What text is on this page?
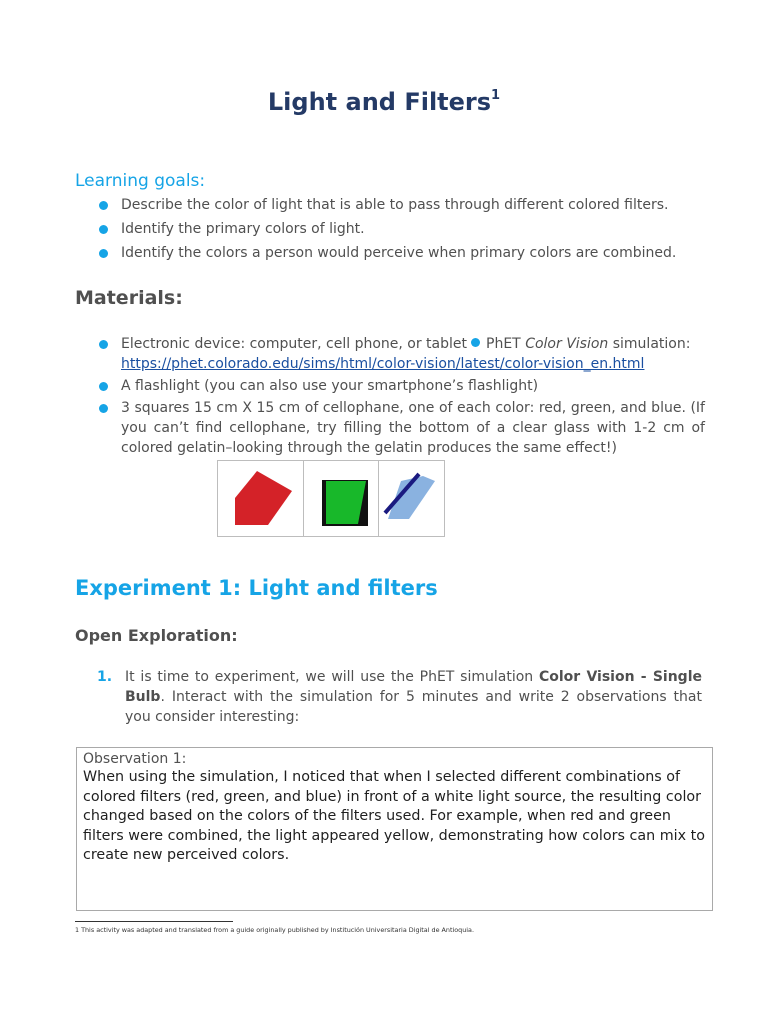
Light and Filters$^1$
Learning goals:
Describe the color of light that is able to pass through different colored filters.
Identify the primary colors of light.
Identify the colors a person would perceive when primary colors are combined.
Materials:
Electronic device: computer, cell phone, or tablet PhET Color Vision simulation:
https://phet.colorado.edu/sims/html/color-vision/latest/color-vision_en.html
A flashlight (you can also use your smartphone’s flashlight)
3 squares 15 cm X 15 cm of cellophane, one of each color: red, green, and blue. (If you can’t find cellophane, try filling the bottom of a clear glass with 1-2 cm of colored gelatin–looking through the gelatin produces the same effect!)
Experiment 1: Light and filters
Open Exploration:
1. It is time to experiment, we will use the PhET simulation Color Vision - Single Bulb. Interact with the simulation for 5 minutes and write 2 observations that you consider interesting:
Observation 1:
When using the simulation, I noticed that when I selected different combinations of colored filters (red, green, and blue) in front of a white light source, the resulting color changed based on the colors of the filters used. For example, when red and green filters were combined, the light appeared yellow, demonstrating how colors can mix to create new perceived colors.
1 This activity was adapted and translated from a guide originally published by Institución Universitaria Digital de Antioquia.
